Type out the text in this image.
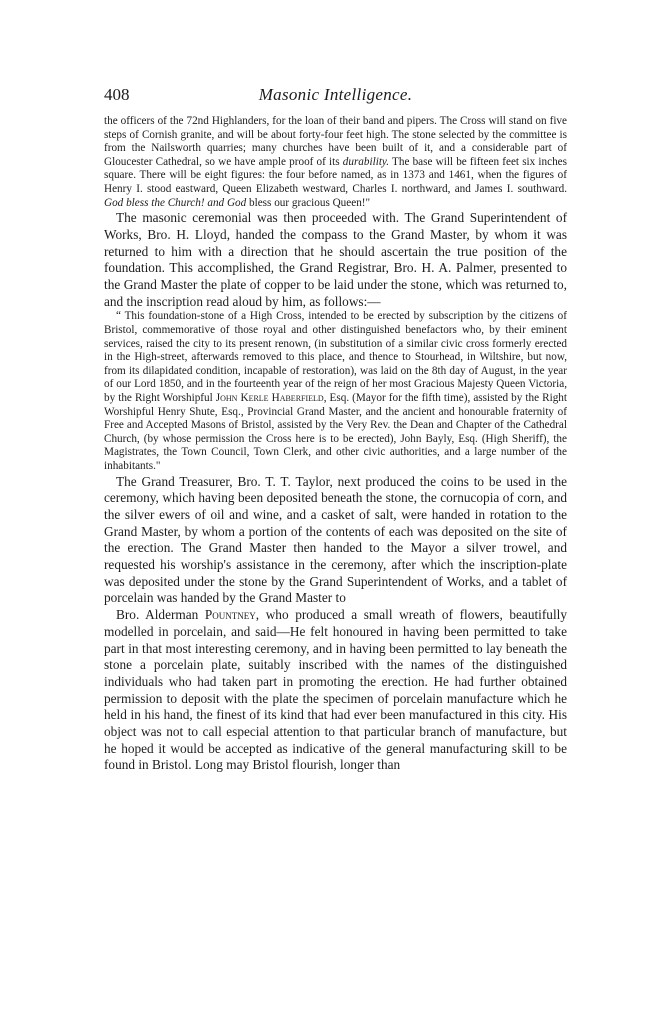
408	Masonic Intelligence.

the officers of the 72nd Highlanders, for the loan of their band and pipers. The Cross will stand on five steps of Cornish granite, and will be about forty-four feet high. The stone selected by the committee is from the Nailsworth quarries; many churches have been built of it, and a considerable part of Gloucester Cathedral, so we have ample proof of its durability. The base will be fifteen feet six inches square. There will be eight figures: the four before named, as in 1373 and 1461, when the figures of Henry I. stood eastward, Queen Elizabeth westward, Charles I. northward, and James I. southward. God bless the Church! and God bless our gracious Queen!"

The masonic ceremonial was then proceeded with. The Grand Superintendent of Works, Bro. H. Lloyd, handed the compass to the Grand Master, by whom it was returned to him with a direction that he should ascertain the true position of the foundation. This accomplished, the Grand Registrar, Bro. H. A. Palmer, presented to the Grand Master the plate of copper to be laid under the stone, which was returned to, and the inscription read aloud by him, as follows:—

“ This foundation-stone of a High Cross, intended to be erected by subscription by the citizens of Bristol, commemorative of those royal and other distinguished benefactors who, by their eminent services, raised the city to its present renown, (in substitution of a similar civic cross formerly erected in the High-street, afterwards removed to this place, and thence to Stourhead, in Wiltshire, but now, from its dilapidated condition, incapable of restoration), was laid on the 8th day of August, in the year of our Lord 1850, and in the fourteenth year of the reign of her most Gracious Majesty Queen Victoria, by the Right Worshipful John Kerle Haberfield, Esq. (Mayor for the fifth time), assisted by the Right Worshipful Henry Shute, Esq., Provincial Grand Master, and the ancient and honourable fraternity of Free and Accepted Masons of Bristol, assisted by the Very Rev. the Dean and Chapter of the Cathedral Church, (by whose permission the Cross here is to be erected), John Bayly, Esq. (High Sheriff), the Magistrates, the Town Council, Town Clerk, and other civic authorities, and a large number of the inhabitants."

The Grand Treasurer, Bro. T. T. Taylor, next produced the coins to be used in the ceremony, which having been deposited beneath the stone, the cornucopia of corn, and the silver ewers of oil and wine, and a casket of salt, were handed in rotation to the Grand Master, by whom a portion of the contents of each was deposited on the site of the erection. The Grand Master then handed to the Mayor a silver trowel, and requested his worship's assistance in the ceremony, after which the inscription-plate was deposited under the stone by the Grand Superintendent of Works, and a tablet of porcelain was handed by the Grand Master to

Bro. Alderman Pountney, who produced a small wreath of flowers, beautifully modelled in porcelain, and said—He felt honoured in having been permitted to take part in that most interesting ceremony, and in having been permitted to lay beneath the stone a porcelain plate, suitably inscribed with the names of the distinguished individuals who had taken part in promoting the erection. He had further obtained permission to deposit with the plate the specimen of porcelain manufacture which he held in his hand, the finest of its kind that had ever been manufactured in this city. His object was not to call especial attention to that particular branch of manufacture, but he hoped it would be accepted as indicative of the general manufacturing skill to be found in Bristol. Long may Bristol flourish, longer than
